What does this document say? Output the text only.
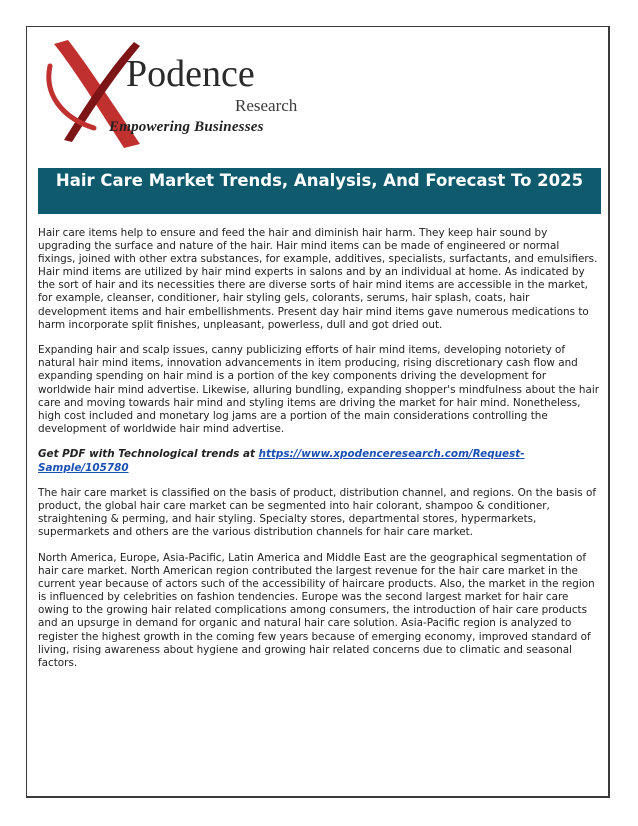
Podence
Research
Empowering Businesses
Hair Care Market Trends, Analysis, And Forecast To 2025

Hair care items help to ensure and feed the hair and diminish hair harm. They keep hair sound by upgrading the surface and nature of the hair. Hair mind items can be made of engineered or normal fixings, joined with other extra substances, for example, additives, specialists, surfactants, and emulsifiers. Hair mind items are utilized by hair mind experts in salons and by an individual at home. As indicated by the sort of hair and its necessities there are diverse sorts of hair mind items are accessible in the market, for example, cleanser, conditioner, hair styling gels, colorants, serums, hair splash, coats, hair development items and hair embellishments. Present day hair mind items gave numerous medications to harm incorporate split finishes, unpleasant, powerless, dull and got dried out.

Expanding hair and scalp issues, canny publicizing efforts of hair mind items, developing notoriety of natural hair mind items, innovation advancements in item producing, rising discretionary cash flow and expanding spending on hair mind is a portion of the key components driving the development for worldwide hair mind advertise. Likewise, alluring bundling, expanding shopper's mindfulness about the hair care and moving towards hair mind and styling items are driving the market for hair mind. Nonetheless, high cost included and monetary log jams are a portion of the main considerations controlling the development of worldwide hair mind advertise.

Get PDF with Technological trends at https://www.xpodenceresearch.com/Request-Sample/105780

The hair care market is classified on the basis of product, distribution channel, and regions. On the basis of product, the global hair care market can be segmented into hair colorant, shampoo & conditioner, straightening & perming, and hair styling. Specialty stores, departmental stores, hypermarkets, supermarkets and others are the various distribution channels for hair care market.

North America, Europe, Asia-Pacific, Latin America and Middle East are the geographical segmentation of hair care market. North American region contributed the largest revenue for the hair care market in the current year because of actors such of the accessibility of haircare products. Also, the market in the region is influenced by celebrities on fashion tendencies. Europe was the second largest market for hair care owing to the growing hair related complications among consumers, the introduction of hair care products and an upsurge in demand for organic and natural hair care solution. Asia-Pacific region is analyzed to register the highest growth in the coming few years because of emerging economy, improved standard of living, rising awareness about hygiene and growing hair related concerns due to climatic and seasonal factors.
